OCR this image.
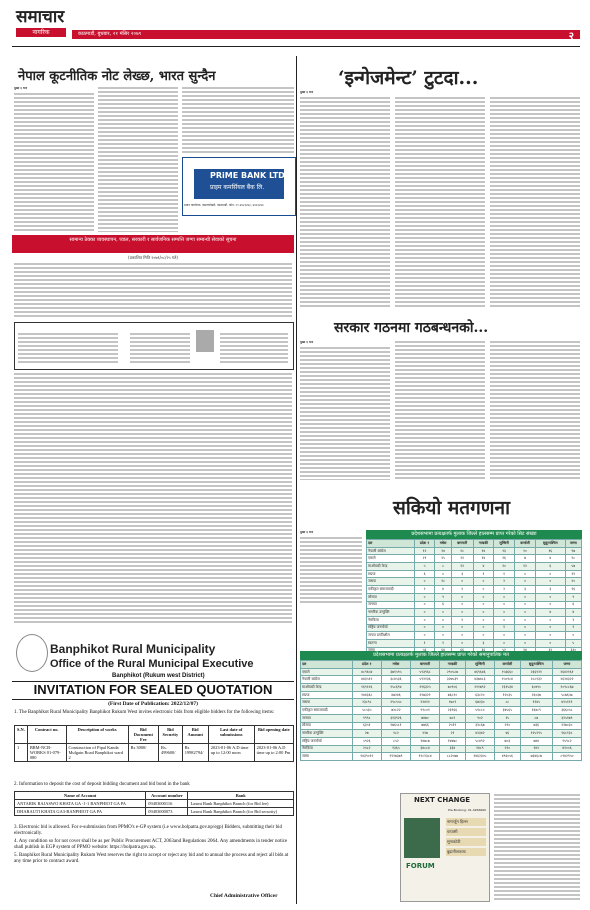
समाचार
नागरिक	काठमाडौं, बुधबार, २१ मंसिर २०७९	२
नेपाल कूटनीतिक नोट लेख्छ, भारत सुन्दैन
मुख्य ६ थपः
PRiME BANK LTD.
प्राइम कमर्सियल बैंक लि.
प्रधान कार्यालय, कमलपोखरी, काठमाडौं, फोन: ०१-४४२३२७३, ४४२३२७४
सामान्य ठेक्का व्यवस्थापन, घ्वाल, सरकारी र सार्वजनिक सम्पत्ति जग्गा सम्बन्धी सेवाको सूचना
(प्रकाशित मिति २०७९/०८/२५ गते)
Banphikot Rural Municipality
Office of the Rural Municipal Executive
Banphikot (Rukum west District)
INVITATION FOR SEALED QUOTATION
(First Date of Publication: 2022/12/07)
1. The Banphikot Rural Municipality Banphikot Rukum West invites electronic bids from eligible bidders for the following items:
S.N.	Contract no.	Description of works	Bid Document Fee	Bid Security	Bid Amount	Last date of submissions	Bid opening date
1	BRM-NCB-WORKS 01-079-080	Construction of Pipal Kanda Mulgain Road Banphikot ward 2	Rs 3000/	Rs. 499600/	Rs 19982794/	2023-01-06 A.D time up to 12:00 noon	2023-01-06 A.D time up to 2:00 Pm
2. Information to deposit the cost of deposit bidding document and bid bond in the bank
Name of Account	Account number	Bank
ANTARIK RAJASWO KHATA GA -1-1 BANPHIOT GA PA	09403000116	Laxmi Bank Banphikot Branch (for Bid fee)
DHARAUTI KHATA GA3-BANPHIOT GA PA	09403000073	Laxmi Bank Banphikot Branch (for Bid security)
3. Electronic bid is allowed. For e-submission from PPMO's e-GP system (i.e www.bolpatra.gov.np/egp) Bidders, submitting their bid electronically.
4. Any condition so for not cover shall be as per Public Procurement ACT, 2063and Regulations 2064. Any amendments in tender notice shall publish in EGP system of PPMO website: https://bolpatra.gov.np.
5. Banphikot Rural Municipality Rukum West reserves the right to accept or reject any bid and to annual the process and reject all bids at any time prior to contract award.
Chief Administrative Officer
‘इन्गेजमेन्ट’ टुटदा...
मुख्य ६ थपः
सरकार गठनमा गठबन्धनको...
मुख्य ६ थपः
सकियो मतगणना
मुख्य ६ थपः	प्रदेशसभामा प्रत्यक्षतर्फ मुलाक जिल्ले हालसम्म प्राप्त गरेको सिट संख्या
दल	प्रदेश १	मधेस	बागमती	गण्डकी	लुम्बिनी	कर्णाली	सुदूरपश्चिम	जम्मा
नेपाली कांग्रेस	१२	१४	१८	१४	१३	१०	१६	९७
एमाले	२१	१५	२१	१४	१६	७	४	९८
माओवादी केन्द्र	५	८	१२	४	१०	१२	६	५७
राप्रपा	६	०	३	१	१	०	०	११
जसपा	०	१८	०	०	२	०	०	२०
एकीकृत समाजवादी	२	४	२	०	२	३	३	१६
लोसपा	०	९	०	०	०	०	०	९
जनमत	०	६	०	०	०	०	०	६
नागरिक उन्मुक्ति	०	०	०	०	०	०	४	४
नेमकिपा	०	०	१	०	०	०	०	१
राष्ट्रिय जनमोर्चा	०	०	०	०	१	०	०	१
जनता प्रगतिशील	०	०	०	०	०	०	०	०
स्वतन्त्र	१	१	०	३	०	०	०	५

प्रदेशसभामा प्रत्यक्षतर्फ मुलाक जिल्ले हालसम्म प्राप्त गरेको समानुपातिक मत
दल	प्रदेश १	मधेस	बागमती	गण्डकी	लुम्बिनी	कर्णाली	सुदूरपश्चिम	जम्मा
एमाले	४८९६५४	३७१५९५	५९३९६८	२९०५८७	४६९६४६	१५६६६०	२३६१२१	२६४२१६१
नेपाली कांग्रेस	४४३५१२	३८४५३६	५९२१३६	३२७५३९	४३७४८३	१५०९८४	२८८१३२	२६२४३२२
माओवादी केन्द्र	१६९१२६	१५८६९४	२९६३२५	७०९०६	२११७९२	१३१५३४	६०४९०	१०९८८६७
राप्रपा	१४४३६८	४७२४६	२१७३२१	७६८१०	६३८१०	१२०३५	२६०३७	५८७६५७
जसपा	२३८९८	२९८५५०	२२४११	१७८९	६७२३०	८८	११४५	४१५१११
एकीकृत समाजवादी	५८५३५	७२८२२	९९८०१	२३९६६	५९८८०	३४५६५	१६४८९	३६६०५८
जनमत	१९९८	३१३९२६	७४७०	७८२	९०२	१५	८७	३२५१७९
लोसपा	६३५१	१७६५८१	७७६६	२५१९	३२८६७	२१०	७३६	२२७०३०
नागरिक उन्मुक्ति	२७	१८२	२२७	२१	४२३४२	४६	१२५२९५	१६८१३८
राष्ट्रिय जनमोर्चा	५९२६	८५२	१४७८७	१४४७८	५८४९२	७०३	७४४	९५९८२
नेमकिपा	२५८२	१३६५	३४८८४	३३४	१४८९	२१०	१४२	४१००६
जम्मा	१४३९०१२	१९१७३७९	१९८१३८४	८८२०७७	१४६२३५५	४९६०५६	७६४६८७	८९४२९५०
NEXT CHANGE
Pre-Booking: 01-4266660
FORUM
नागार्जुन हिल्स
धापासी
सुनाकोठी
बुढानीलकण्ठ
